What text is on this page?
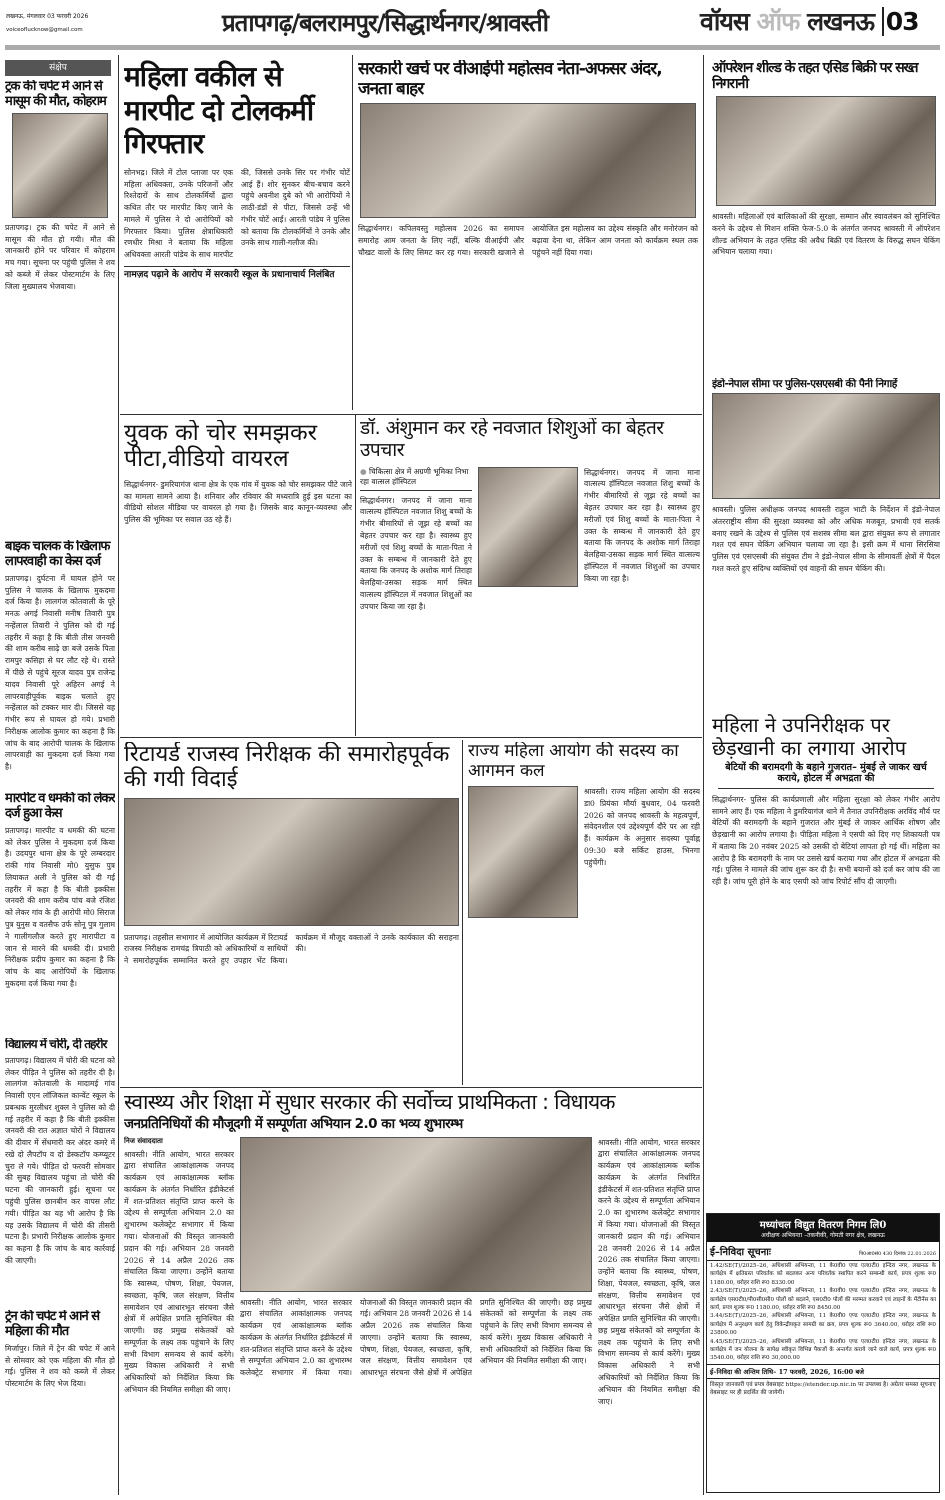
लखनऊ, मंगलवार 03 फरवरी 2026
voiceoflucknow@gmail.com	प्रतापगढ़/बलरामपुर/सिद्धार्थनगर/श्रावस्ती	वॉयस ऑफ लखनऊ 03
संक्षेप
ट्रक की चपेट में आने से मासूम की मौत, कोहराम
प्रतापगढ़। ट्रक की चपेट में आने से मासूम की मौत हो गयी। मौत की जानकारी होने पर परिवार में कोहराम मच गया। सूचना पर पहुंची पुलिस ने शव को कब्जे में लेकर पोस्टमार्टम के लिए जिला मुख्यालय भेजवाया।
बाइक चालक के खिलाफ लापरवाही का केस दर्ज
प्रतापगढ़। दुर्घटना में घायल होने पर पुलिस ने चालक के खिलाफ मुकदमा दर्ज किया है। लालगंज कोतवाली के पूरे मनऊ अगई निवासी मनीष तिवारी पुत्र नन्हेंलाल तिवारी ने पुलिस को दी गई तहरीर में कहा है कि बीती तीस जनवरी की शाम करीब साढ़े छः बजे उसके पिता रामपुर कसिहा से घर लौट रहे थे। रास्ते में पीछे से पहुंचे सूरज यादव पुत्र राजेन्द्र यादव निवासी पूरे अहिरन अगई ने लापरवाहीपूर्वक बाइक चलाते हुए नन्हेंलाल को टक्कर मार दी। जिससे वह गंभीर रूप से घायल हो गये। प्रभारी निरीक्षक आलोक कुमार का कहना है कि जांच के बाद आरोपी चालक के खिलाफ लापरवाही का मुकदमा दर्ज किया गया है।
मारपीट व धमकी को लेकर दर्ज हुआ केस
प्रतापगढ़। मारपीट व धमकी की घटना को लेकर पुलिस ने मुकदमा दर्ज किया है। उदयपुर थाना क्षेत्र के पूरे लम्बरदार रांकी गांव निवासी मो0 युसुफ पुत्र लियाकत अली ने पुलिस को दी गई तहरीर में कहा है कि बीती इक्कीस जनवरी की शाम करीब पांच बजे रंजिश को लेकर गांव के ही आरोपी मो0 सिराज पुत्र युनुस व वतसैफ उर्फ सोनू पुत्र गुलाम ने गालीगलौज करते हुए मारापीटा व जान से मारने की धमकी दी। प्रभारी निरीक्षक प्रदीप कुमार का कहना है कि जांच के बाद आरोपियों के खिलाफ मुकदमा दर्ज किया गया है।
विद्यालय में चोरी, दी तहरीर
प्रतापगढ़। विद्यालय में चोरी की घटना को लेकर पीड़ित ने पुलिस को तहरीर दी है। लालगंज कोतवाली के मादामई गांव निवासी एएन लॉजिकल कान्वेंट स्कूल के प्रबन्धक मुरलीधर शुक्ल ने पुलिस को दी गई तहरीर में कहा है कि बीती इक्कीस जनवरी की रात अज्ञात चोरों ने विद्यालय की दीवार में सेंधमारी कर अंदर कमरे में रखे दो लैपटॉप व दो डेस्कटॉप कम्प्यूटर चुरा ले गये। पीड़ित दो फरवरी सोमवार की सुबह विद्यालय पहुंचा तो चोरी की घटना की जानकारी हुई। सूचना पर पहुंची पुलिस छानबीन कर वापस लौट गयी। पीड़ित का यह भी आरोप है कि यह उसके विद्यालय में चोरी की तीसरी घटना है। प्रभारी निरीक्षक आलोक कुमार का कहना है कि जांच के बाद कार्रवाई की जाएगी।
ट्रेन की चपेट में आने से महिला की मौत
मिर्जापुर। जिले में ट्रेन की चपेट में आने से सोमवार को एक महिला की मौत हो गई। पुलिस ने शव को कब्जे में लेकर पोस्टमार्टम के लिए भेज दिया।
महिला वकील से मारपीट दो टोलकर्मी गिरफ्तार
सोनभद्र। जिले में टोल प्लाजा पर एक महिला अधिवक्ता, उनके परिजनों और रिश्तेदारों के साथ टोलकर्मियों द्वारा कथित तौर पर मारपीट किए जाने के मामले में पुलिस ने दो आरोपियों को गिरफ्तार किया। पुलिस क्षेत्राधिकारी रणधीर मिश्रा ने बताया कि महिला अधिवक्ता आरती पांडेय के साथ मारपीट की, जिससे उनके सिर पर गंभीर चोटें आई हैं। शोर सुनकर बीच-बचाव करने पहुंचे अवनीश दुबे को भी आरोपियों ने लाठी-डंडों से पीटा, जिससे उन्हें भी गंभीर चोटें आईं। आरती पांडेय ने पुलिस को बताया कि टोलकर्मियों ने उनके और उनके साथ गाली-गलौज की।
नामज़द पढ़ाने के आरोप में सरकारी स्कूल के प्रधानाचार्य निलंबित
सरकारी खर्च पर वीआईपी महोत्सव नेता-अफसर अंदर, जनता बाहर
सिद्धार्थनगर। कपिलवस्तु महोत्सव 2026 का समापन समारोह आम जनता के लिए नहीं, बल्कि वीआईपी और चौखट वालों के लिए सिमट कर रह गया। सरकारी खजाने से आयोजित इस महोत्सव का उद्देश्य संस्कृति और मनोरंजन को बढ़ावा देना था, लेकिन आम जनता को कार्यक्रम स्थल तक पहुंचने नहीं दिया गया।
ऑपरेशन शील्ड के तहत एसिड बिक्री पर सख्त निगरानी
श्रावस्ती। महिलाओं एवं बालिकाओं की सुरक्षा, सम्मान और स्वावलंबन को सुनिश्चित करने के उद्देश्य से मिशन शक्ति फेज-5.0 के अंतर्गत जनपद श्रावस्ती में ऑपरेशन शील्ड अभियान के तहत एसिड की अवैध बिक्री एवं वितरण के विरुद्ध सघन चेकिंग अभियान चलाया गया।
इंडो-नेपाल सीमा पर पुलिस-एसएसबी की पैनी निगाहें
श्रावस्ती। पुलिस अधीक्षक जनपद श्रावस्ती राहुल भाटी के निर्देशन में इंडो-नेपाल अंतरराष्ट्रीय सीमा की सुरक्षा व्यवस्था को और अधिक मजबूत, प्रभावी एवं सतर्क बनाए रखने के उद्देश्य से पुलिस एवं सशस्त्र सीमा बल द्वारा संयुक्त रूप से लगातार गश्त एवं सघन चेकिंग अभियान चलाया जा रहा है। इसी क्रम में थाना सिरसिया पुलिस एवं एसएसबी की संयुक्त टीम ने इंडो-नेपाल सीमा के सीमावर्ती क्षेत्रों में पैदल गश्त करते हुए संदिग्ध व्यक्तियों एवं वाहनों की सघन चेकिंग की।
महिला ने उपनिरीक्षक पर छेड़खानी का लगाया आरोप
बेटियों की बरामदगी के बहाने गुजरात– मुंबई ले जाकर खर्च कराये, होटल में अभद्रता की
सिद्धार्थनगर- पुलिस की कार्यप्रणाली और महिला सुरक्षा को लेकर गंभीर आरोप सामने आए हैं। एक महिला ने डुमरियागंज थाने में तैनात उपनिरीक्षक अरविंद मौर्य पर बेटियों की बरामदगी के बहाने गुजरात और मुंबई ले जाकर आर्थिक शोषण और छेड़खानी का आरोप लगाया है। पीड़िता महिला ने एसपी को दिए गए शिकायती पत्र में बताया कि 20 नवंबर 2025 को उसकी दो बेटियां लापता हो गई थीं। महिला का आरोप है कि बरामदगी के नाम पर उससे खर्च कराया गया और होटल में अभद्रता की गई। पुलिस ने मामले की जांच शुरू कर दी है। सभी बयानों को दर्ज कर जांच की जा रही है। जांच पूरी होने के बाद एसपी को जांच रिपोर्ट सौंप दी जाएगी।
मध्यांचल विद्युत वितरण निगम लि0
अधीक्षण अभियन्ता –तकनीकी, गोमती नगर क्षेत्र, लखनऊ
ई–निविदा सूचनाः	पि0आ0सं0 430 दिनांक 22.01.2026
1.42/SE(T)/2025–26, अधिशासी अभियन्ता, 11 के0वी0 एण्ड एल0टी0 इन्दिरा नगर, लखनऊ के कार्यक्षेत्र में क्षतिग्रस्त परिवर्तक को बदलकर अन्य परिवर्तक स्थापित करने सम्बन्धी कार्य, प्रपत्र शुल्क रू0 1180.00, धरोहर राशि रू0 8330.00
2.43/SE(T)/2025–26, अधिशासी अभियन्ता, 11 के0वी0 एण्ड एल0टी0 इन्दिरा नगर, लखनऊ के कार्यक्षेत्र एस0टी0/पी0सी0सी0 पोलों को बदलने, एस0टी0 पोलों की मरम्मत करवाने एवं लाइनों के मेंटीनेंस का कार्य, प्रपत्र शुल्क रू0 1180.00, धरोहर राशि रू0 8450.00
3.44/SE(T)/2025–26, अधिशासी अभियन्ता, 11 के0वी0 एण्ड एल0टी0 इन्दिरा नगर, लखनऊ के कार्यक्षेत्र में अनुरक्षण कार्य हेतु विकेन्द्रीयकृत सामग्री का क्रय, प्रपत्र शुल्क रू0 3640.00, धरोहर राशि रू0 23800.00
4.45/SE(T)/2025–26, अधिशासी अभियन्ता, 11 के0वी0 एण्ड एल0टी0 इन्दिरा नगर, लखनऊ के कार्यक्षेत्र में जन योजना के सापेक्ष स्वीकृत विभिन्न पैकजों के अन्तर्गत कराये जाने वाले कार्य, प्रपत्र शुल्क रू0 3540.00, धरोहर राशि रू0 30,000.00
ई–निविदा की अन्तिम तिथि– 17 फरवरी, 2026, 16:00 बजे
विस्तृत जानकारी एवं प्रपत्र वेबसाइट https://etender.up.nic.in पर उपलब्ध है। अग्रेतर समस्त सूचनाए वेबसाइट पर ही प्रदर्शित की जायेगी।
युवक को चोर समझकर पीटा,वीडियो वायरल
सिद्धार्थनगर- डुमरियागंज थाना क्षेत्र के एक गांव में युवक को चोर समझकर पीटे जाने का मामला सामने आया है। शनिवार और रविवार की मध्यरात्रि हुई इस घटना का वीडियो सोशल मीडिया पर वायरल हो गया है। जिसके बाद कानून-व्यवस्था और पुलिस की भूमिका पर सवाल उठ रहे हैं।
डॉ. अंशुमान कर रहे नवजात शिशुओं का बेहतर उपचार
● चिकित्सा क्षेत्र में अग्रणी भूमिका निभा रहा वात्सल हॉस्पिटल
सिद्धार्थनगर। जनपद में जाना माना वात्सल्य हॉस्पिटल नवजात शिशु बच्चों के गंभीर बीमारियों से जूझ रहे बच्चों का बेहतर उपचार कर रहा है। स्वास्थ्य हुए मरीजों एवं शिशु बच्चों के माता-पिता ने उक्त के सम्बन्ध में जानकारी देते हुए बताया कि जनपद के अशोक मार्ग तिराहा बेलहिया-उसका सड़क मार्ग स्थित वात्सल्य हॉस्पिटल में नवजात शिशुओं का उपचार किया जा रहा है।
सिद्धार्थनगर। जनपद में जाना माना वात्सल्य हॉस्पिटल नवजात शिशु बच्चों के गंभीर बीमारियों से जूझ रहे बच्चों का बेहतर उपचार कर रहा है। स्वास्थ्य हुए मरीजों एवं शिशु बच्चों के माता-पिता ने उक्त के सम्बन्ध में जानकारी देते हुए बताया कि जनपद के अशोक मार्ग तिराहा बेलहिया-उसका सड़क मार्ग स्थित वात्सल्य हॉस्पिटल में नवजात शिशुओं का उपचार किया जा रहा है।
रिटायर्ड राजस्व निरीक्षक की समारोहपूर्वक की गयी विदाई
प्रतापगढ़। तहसील सभागार में आयोजित कार्यक्रम में रिटायर्ड राजस्व निरीक्षक रामचंद्र त्रिपाठी को अधिकारियों व साथियों ने समारोहपूर्वक सम्मानित करते हुए उपहार भेंट किया। कार्यक्रम में मौजूद वक्ताओं ने उनके कार्यकाल की सराहना की।
राज्य महिला आयोग की सदस्य का आगमन कल
श्रावस्ती। राज्य महिला आयोग की सदस्य डा0 प्रियंका मौर्या बुधवार, 04 फरवरी 2026 को जनपद श्रावस्ती के महत्वपूर्ण, संवेदनशील एवं उद्देश्यपूर्ण दौरे पर आ रही हैं। कार्यक्रम के अनुसार सदस्या पूर्वाह्न 09:30 बजे सर्किट हाउस, भिनगा पहुंचेंगी।
स्वास्थ्य और शिक्षा में सुधार सरकार की सर्वोच्च प्राथमिकता : विधायक
जनप्रतिनिधियों की मौजूदगी में सम्पूर्णता अभियान 2.0 का भव्य शुभारम्भ
निज संवाददाता
श्रावस्ती। नीति आयोग, भारत सरकार द्वारा संचालित आकांक्षात्मक जनपद कार्यक्रम एवं आकांक्षात्मक ब्लॉक कार्यक्रम के अंतर्गत निर्धारित इंडीकेटर्स में शत-प्रतिशत संतृप्ति प्राप्त करने के उद्देश्य से सम्पूर्णता अभियान 2.0 का शुभारम्भ कलेक्ट्रेट सभागार में किया गया। योजनाओं की विस्तृत जानकारी प्रदान की गई। अभियान 28 जनवरी 2026 से 14 अप्रैल 2026 तक संचालित किया जाएगा। उन्होंने बताया कि स्वास्थ्य, पोषण, शिक्षा, पेयजल, स्वच्छता, कृषि, जल संरक्षण, वित्तीय समावेशन एवं आधारभूत संरचना जैसे क्षेत्रों में अपेक्षित प्रगति सुनिश्चित की जाएगी। छह प्रमुख संकेतकों को सम्पूर्णता के लक्ष्य तक पहुंचाने के लिए सभी विभाग समन्वय से कार्य करेंगे। मुख्य विकास अधिकारी ने सभी अधिकारियों को निर्देशित किया कि अभियान की नियमित समीक्षा की जाए।
श्रावस्ती। नीति आयोग, भारत सरकार द्वारा संचालित आकांक्षात्मक जनपद कार्यक्रम एवं आकांक्षात्मक ब्लॉक कार्यक्रम के अंतर्गत निर्धारित इंडीकेटर्स में शत-प्रतिशत संतृप्ति प्राप्त करने के उद्देश्य से सम्पूर्णता अभियान 2.0 का शुभारम्भ कलेक्ट्रेट सभागार में किया गया। योजनाओं की विस्तृत जानकारी प्रदान की गई। अभियान 28 जनवरी 2026 से 14 अप्रैल 2026 तक संचालित किया जाएगा। उन्होंने बताया कि स्वास्थ्य, पोषण, शिक्षा, पेयजल, स्वच्छता, कृषि, जल संरक्षण, वित्तीय समावेशन एवं आधारभूत संरचना जैसे क्षेत्रों में अपेक्षित प्रगति सुनिश्चित की जाएगी। छह प्रमुख संकेतकों को सम्पूर्णता के लक्ष्य तक पहुंचाने के लिए सभी विभाग समन्वय से कार्य करेंगे। मुख्य विकास अधिकारी ने सभी अधिकारियों को निर्देशित किया कि अभियान की नियमित समीक्षा की जाए।
श्रावस्ती। नीति आयोग, भारत सरकार द्वारा संचालित आकांक्षात्मक जनपद कार्यक्रम एवं आकांक्षात्मक ब्लॉक कार्यक्रम के अंतर्गत निर्धारित इंडीकेटर्स में शत-प्रतिशत संतृप्ति प्राप्त करने के उद्देश्य से सम्पूर्णता अभियान 2.0 का शुभारम्भ कलेक्ट्रेट सभागार में किया गया। योजनाओं की विस्तृत जानकारी प्रदान की गई। अभियान 28 जनवरी 2026 से 14 अप्रैल 2026 तक संचालित किया जाएगा। उन्होंने बताया कि स्वास्थ्य, पोषण, शिक्षा, पेयजल, स्वच्छता, कृषि, जल संरक्षण, वित्तीय समावेशन एवं आधारभूत संरचना जैसे क्षेत्रों में अपेक्षित प्रगति सुनिश्चित की जाएगी। छह प्रमुख संकेतकों को सम्पूर्णता के लक्ष्य तक पहुंचाने के लिए सभी विभाग समन्वय से कार्य करेंगे। मुख्य विकास अधिकारी ने सभी अधिकारियों को निर्देशित किया कि अभियान की नियमित समीक्षा की जाए।
